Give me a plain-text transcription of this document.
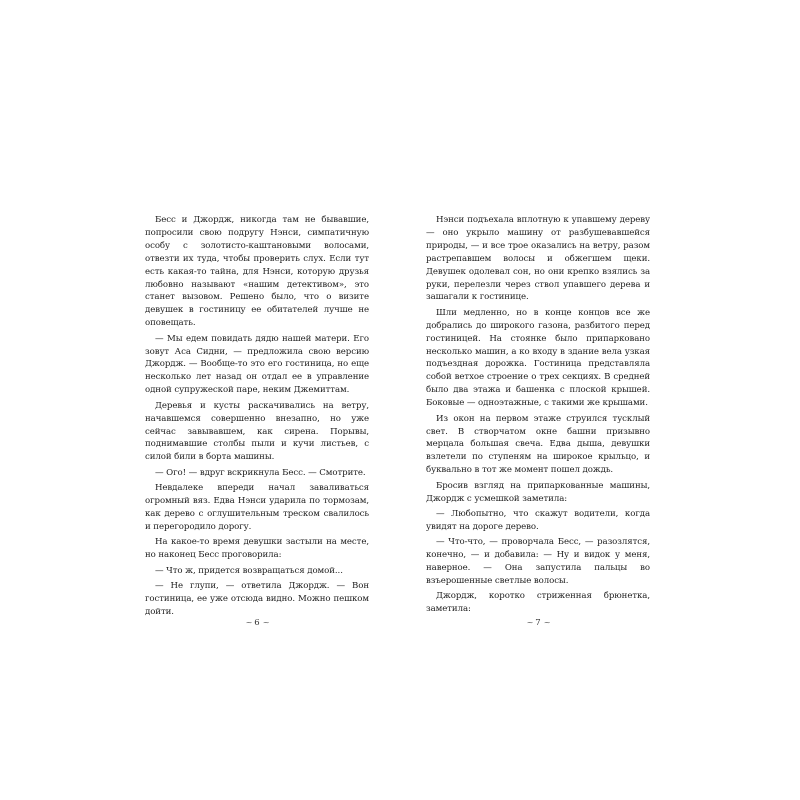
Бесс и Джордж, никогда там не бывавшие, попросили свою подругу Нэнси, симпатичную особу с золотисто-каштановыми волосами, отвезти их туда, чтобы проверить слух. Если тут есть какая-то тайна, для Нэнси, которую друзья любовно называют «нашим детективом», это станет вызовом. Решено было, что о визите девушек в гостиницу ее обитателей лучше не оповещать.

— Мы едем повидать дядю нашей матери. Его зовут Аса Сидни, — предложила свою версию Джордж. — Вообще-то это его гостиница, но еще несколько лет назад он отдал ее в управление одной супружеской паре, неким Джемиттам.

Деревья и кусты раскачивались на ветру, начавшемся совершенно внезапно, но уже сейчас завывавшем, как сирена. Порывы, поднимавшие столбы пыли и кучи листьев, с силой били в борта машины.

— Ого! — вдруг вскрикнула Бесс. — Смотрите.

Невдалеке впереди начал заваливаться огромный вяз. Едва Нэнси ударила по тормозам, как дерево с оглушительным треском свалилось и перегородило дорогу.

На какое-то время девушки застыли на месте, но наконец Бесс проговорила:

— Что ж, придется возвращаться домой...

— Не глупи, — ответила Джордж. — Вон гостиница, ее уже отсюда видно. Можно пешком дойти.

~ 6 ~

Нэнси подъехала вплотную к упавшему дереву — оно укрыло машину от разбушевавшейся природы, — и все трое оказались на ветру, разом растрепавшем волосы и обжегшем щеки. Девушек одолевал сон, но они крепко взялись за руки, перелезли через ствол упавшего дерева и зашагали к гостинице.

Шли медленно, но в конце концов все же добрались до широкого газона, разбитого перед гостиницей. На стоянке было припарковано несколько машин, а ко входу в здание вела узкая подъездная дорожка. Гостиница представляла собой ветхое строение о трех секциях. В средней было два этажа и башенка с плоской крышей. Боковые — одноэтажные, с такими же крышами.

Из окон на первом этаже струился тусклый свет. В створчатом окне башни призывно мерцала большая свеча. Едва дыша, девушки взлетели по ступеням на широкое крыльцо, и буквально в тот же момент пошел дождь.

Бросив взгляд на припаркованные машины, Джордж с усмешкой заметила:

— Любопытно, что скажут водители, когда увидят на дороге дерево.

— Что-что, — проворчала Бесс, — разозлятся, конечно, — и добавила: — Ну и видок у меня, наверное. — Она запустила пальцы во взъерошенные светлые волосы.

Джордж, коротко стриженная брюнетка, заметила:

~ 7 ~
